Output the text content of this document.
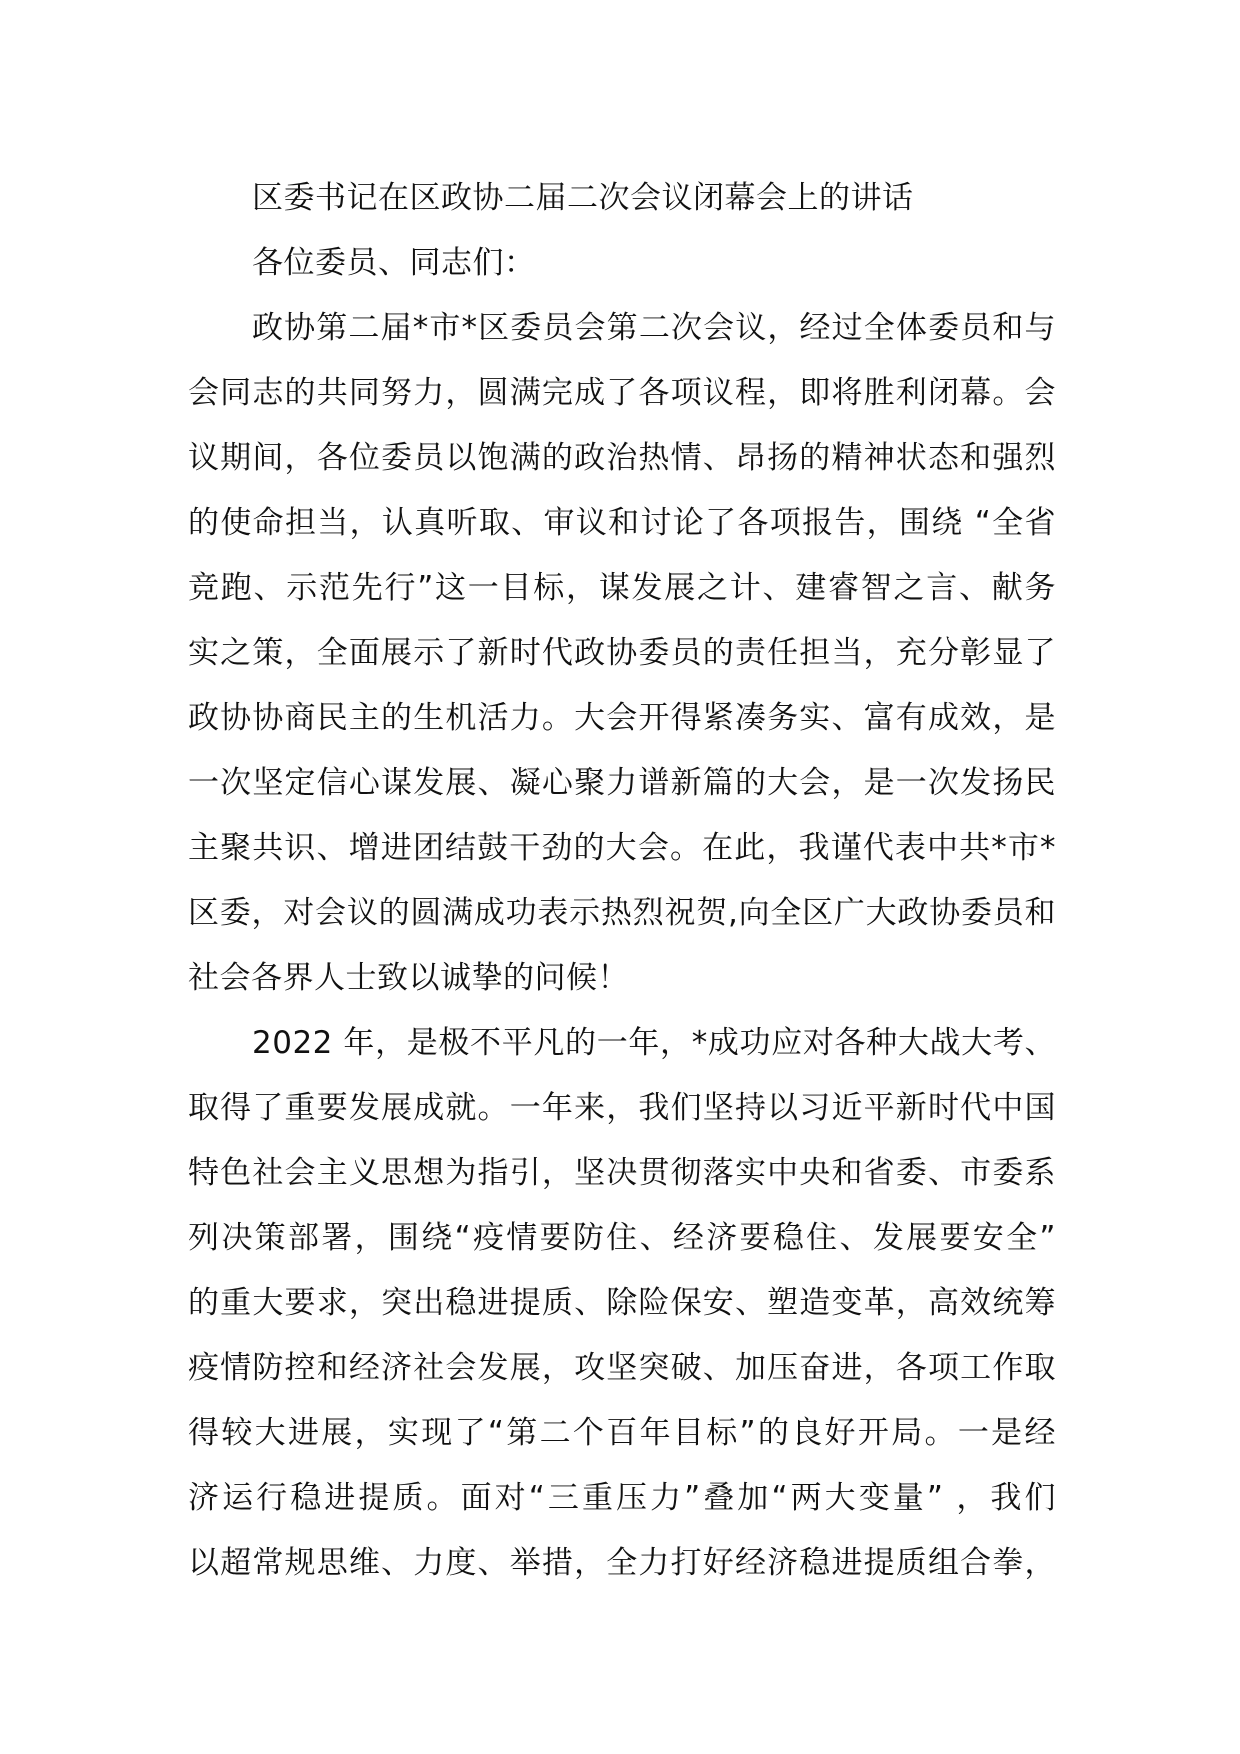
区委书记在区政协二届二次会议闭幕会上的讲话
各位委员、同志们：
政协第二届*市*区委员会第二次会议，经过全体委员和与
会同志的共同努力，圆满完成了各项议程，即将胜利闭幕。会
议期间，各位委员以饱满的政治热情、昂扬的精神状态和强烈
的使命担当，认真听取、审议和讨论了各项报告，围绕 “全省
竞跑、示范先行”这一目标，谋发展之计、建睿智之言、献务
实之策，全面展示了新时代政协委员的责任担当，充分彰显了
政协协商民主的生机活力。大会开得紧凑务实、富有成效，是
一次坚定信心谋发展、凝心聚力谱新篇的大会，是一次发扬民
主聚共识、增进团结鼓干劲的大会。在此，我谨代表中共*市*
区委，对会议的圆满成功表示热烈祝贺,向全区广大政协委员和
社会各界人士致以诚挚的问候！
2022 年，是极不平凡的一年，*成功应对各种大战大考、
取得了重要发展成就。一年来，我们坚持以习近平新时代中国
特色社会主义思想为指引，坚决贯彻落实中央和省委、市委系
列决策部署，围绕“疫情要防住、经济要稳住、发展要安全”
的重大要求，突出稳进提质、除险保安、塑造变革，高效统筹
疫情防控和经济社会发展，攻坚突破、加压奋进，各项工作取
得较大进展，实现了“第二个百年目标”的良好开局。一是经
济运行稳进提质。面对“三重压力”叠加“两大变量” ，我们
以超常规思维、力度、举措，全力打好经济稳进提质组合拳，
